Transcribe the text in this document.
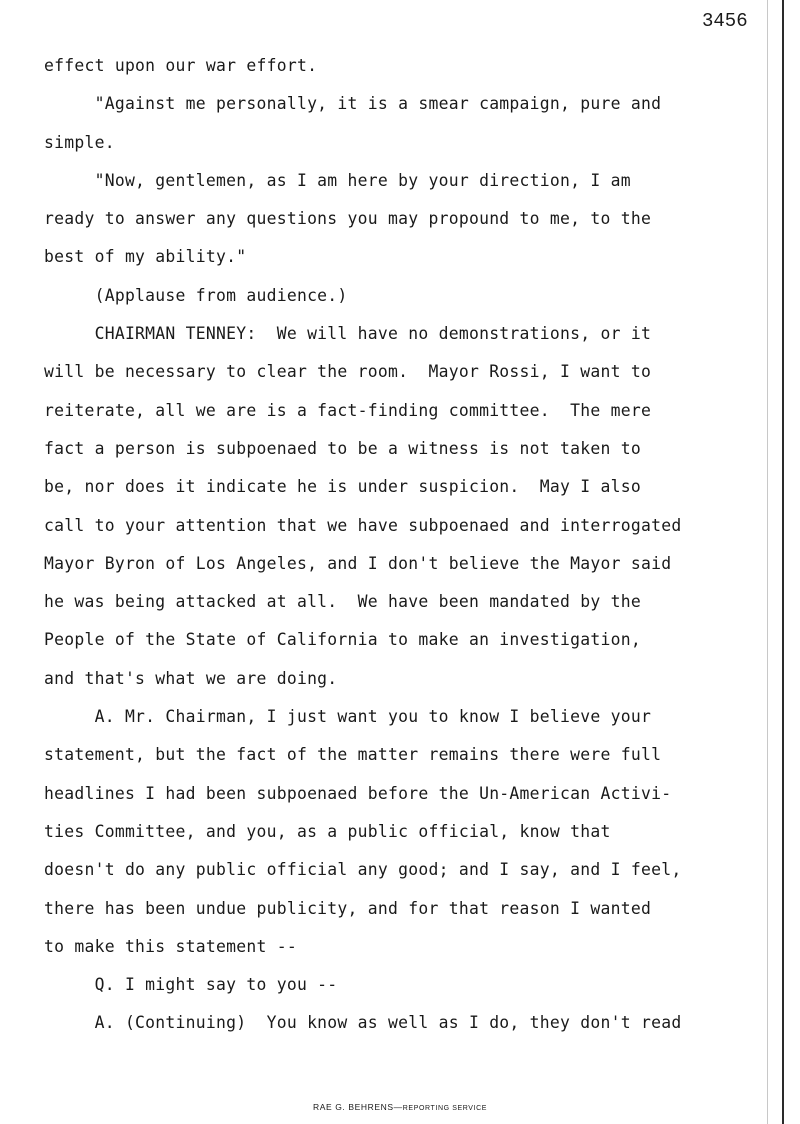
3456
effect upon our war effort.
"Against me personally, it is a smear campaign, pure and
simple.
"Now, gentlemen, as I am here by your direction, I am
ready to answer any questions you may propound to me, to the
best of my ability."
(Applause from audience.)
CHAIRMAN TENNEY:  We will have no demonstrations, or it
will be necessary to clear the room.  Mayor Rossi, I want to
reiterate, all we are is a fact-finding committee.  The mere
fact a person is subpoenaed to be a witness is not taken to
be, nor does it indicate he is under suspicion.  May I also
call to your attention that we have subpoenaed and interrogated
Mayor Byron of Los Angeles, and I don't believe the Mayor said
he was being attacked at all.  We have been mandated by the
People of the State of California to make an investigation,
and that's what we are doing.
A. Mr. Chairman, I just want you to know I believe your
statement, but the fact of the matter remains there were full
headlines I had been subpoenaed before the Un-American Activi-
ties Committee, and you, as a public official, know that
doesn't do any public official any good; and I say, and I feel,
there has been undue publicity, and for that reason I wanted
to make this statement --
Q. I might say to you --
A. (Continuing)  You know as well as I do, they don't read
RAE G. BEHRENS—REPORTING SERVICE
